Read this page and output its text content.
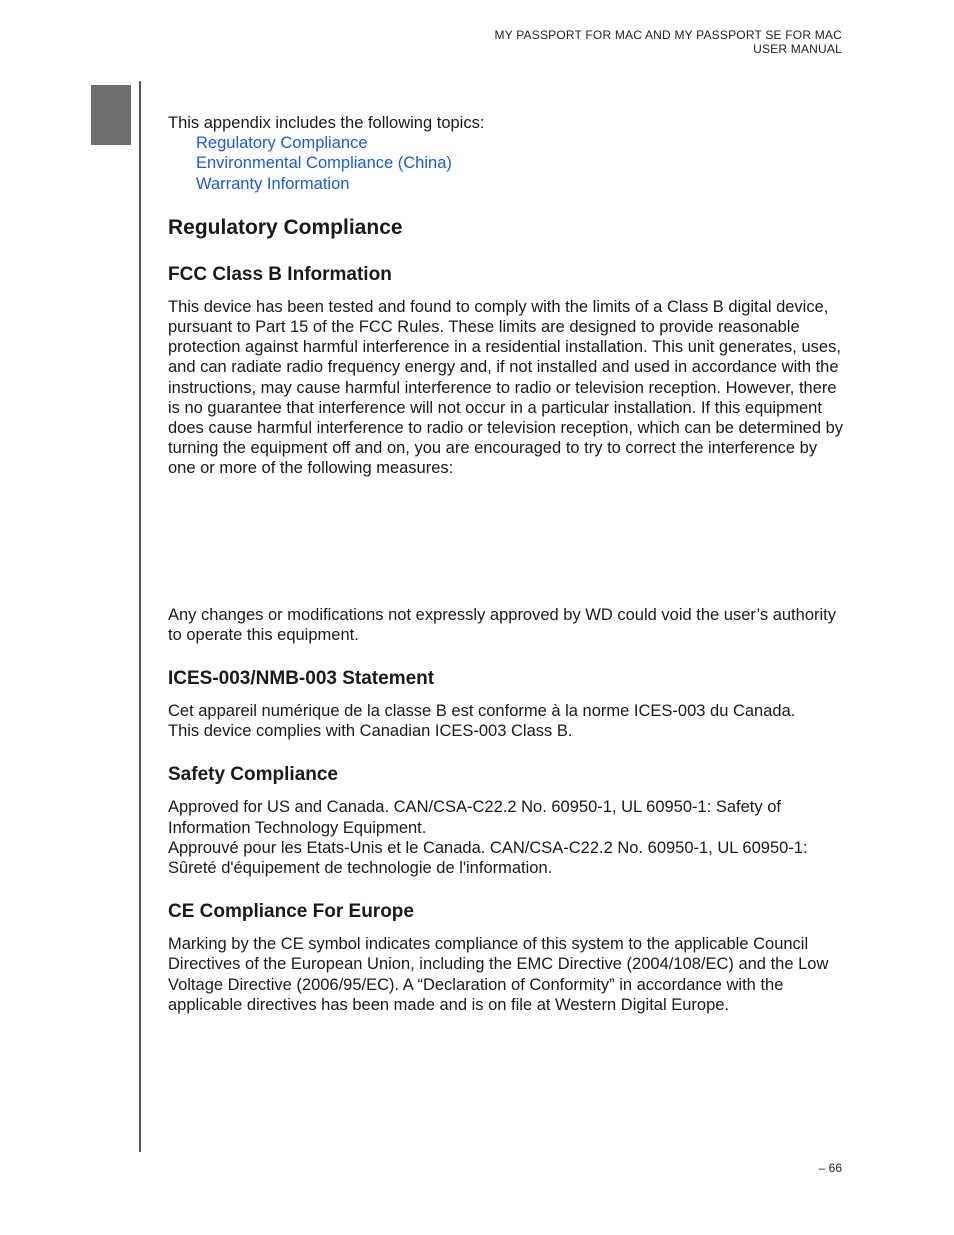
MY PASSPORT FOR MAC AND MY PASSPORT SE FOR MAC
USER MANUAL

This appendix includes the following topics:

Regulatory Compliance
Environmental Compliance (China)
Warranty Information
Regulatory Compliance
FCC Class B Information

This device has been tested and found to comply with the limits of a Class B digital device, pursuant to Part 15 of the FCC Rules. These limits are designed to provide reasonable protection against harmful interference in a residential installation. This unit generates, uses, and can radiate radio frequency energy and, if not installed and used in accordance with the instructions, may cause harmful interference to radio or television reception. However, there is no guarantee that interference will not occur in a particular installation. If this equipment does cause harmful interference to radio or television reception, which can be determined by turning the equipment off and on, you are encouraged to try to correct the interference by one or more of the following measures:

Any changes or modifications not expressly approved by WD could void the user’s authority to operate this equipment.

ICES-003/NMB-003 Statement

Cet appareil numérique de la classe B est conforme à la norme ICES-003 du Canada.

This device complies with Canadian ICES-003 Class B.

Safety Compliance

Approved for US and Canada. CAN/CSA-C22.2 No. 60950-1, UL 60950-1: Safety of Information Technology Equipment.

Approuvé pour les Etats-Unis et le Canada. CAN/CSA-C22.2 No. 60950-1, UL 60950-1: Sûreté d'équipement de technologie de l'information.

CE Compliance For Europe

Marking by the CE symbol indicates compliance of this system to the applicable Council Directives of the European Union, including the EMC Directive (2004/108/EC) and the Low Voltage Directive (2006/95/EC). A “Declaration of Conformity” in accordance with the applicable directives has been made and is on file at Western Digital Europe.

– 66
